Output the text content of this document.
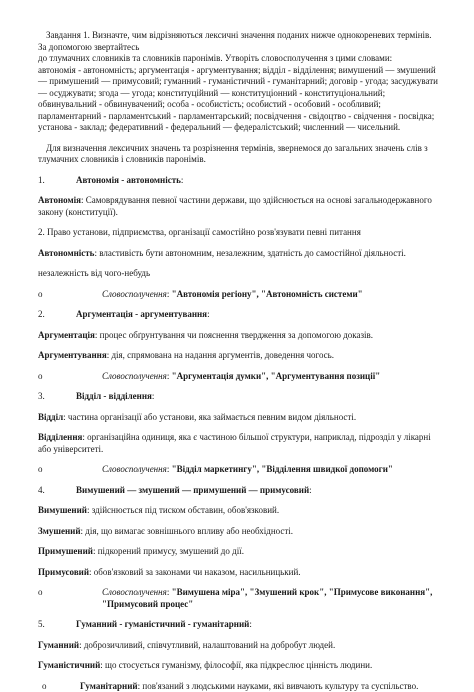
Завдання 1. Визначте, чим відрізняються лексичні значення поданих нижче однокореневих термінів. За допомогою звертайтесь
до тлумачних словників та словників паронімів. Утворіть словосполучення з цими словами:
автономія - автономність; аргументація - аргументування; відділ - відділення; вимушений — змушений — примушений — примусовий; гуманний - гуманістичний - гуманітарний; договір - угода; засуджувати — осуджувати; згода — угода; конституційний — конституціонний - конституціональний; обвинувальний - обвинувачений; особа - особистість; особистий - особовий - особливий; парламентарний - парламентський - парламентарський; посвідчення - свідоцтво - свідчення - посвідка; установа - заклад; федеративний - федеральний — федералістський; численний — чисельний.

Для визначення лексичних значень та розрізнення термінів, звернемося до загальних значень слів з тлумачних словників і словників паронімів.

1.	Автономія - автономність :

Автономія: Самоврядування певної частини держави, що здійснюється на основі загальнодержавного закону (конституції).

2. Право установи, підприємства, організації самостійно розв'язувати певні питання

Автономність: властивість бути автономним, незалежним, здатність до самостійної діяльності.

незалежність від чого-небудь

o	Словосполучення: "Автономія регіону", "Автономність системи"
2.	Аргументація - аргументування :

Аргументація: процес обґрунтування чи пояснення твердження за допомогою доказів.

Аргументування: дія, спрямована на надання аргументів, доведення чогось.

o	Словосполучення: "Аргументація думки", "Аргументування позиції"
3.	Відділ - відділення :

Відділ: частина організації або установи, яка займається певним видом діяльності.

Відділення: організаційна одиниця, яка є частиною більшої структури, наприклад, підрозділ у лікарні або університеті.

o	Словосполучення: "Відділ маркетингу", "Відділення швидкої допомоги"
4.	Вимушений — змушений — примушений — примусовий :

Вимушений: здійснюється під тиском обставин, обов'язковий.

Змушений: дія, що вимагає зовнішнього впливу або необхідності.

Примушений: підкорений примусу, змушений до дії.

Примусовий: обов'язковий за законами чи наказом, насильницький.

o	Словосполучення: "Вимушена міра", "Змушений крок", "Примусове виконання", "Примусовий процес"
5.	Гуманний - гуманістичний - гуманітарний :

Гуманний: доброзичливий, співчутливий, налаштований на добробут людей.

Гуманістичний: що стосується гуманізму, філософії, яка підкреслює цінність людини.

o	Гуманітарний: пов'язаний з людськими науками, які вивчають культуру та суспільство.
